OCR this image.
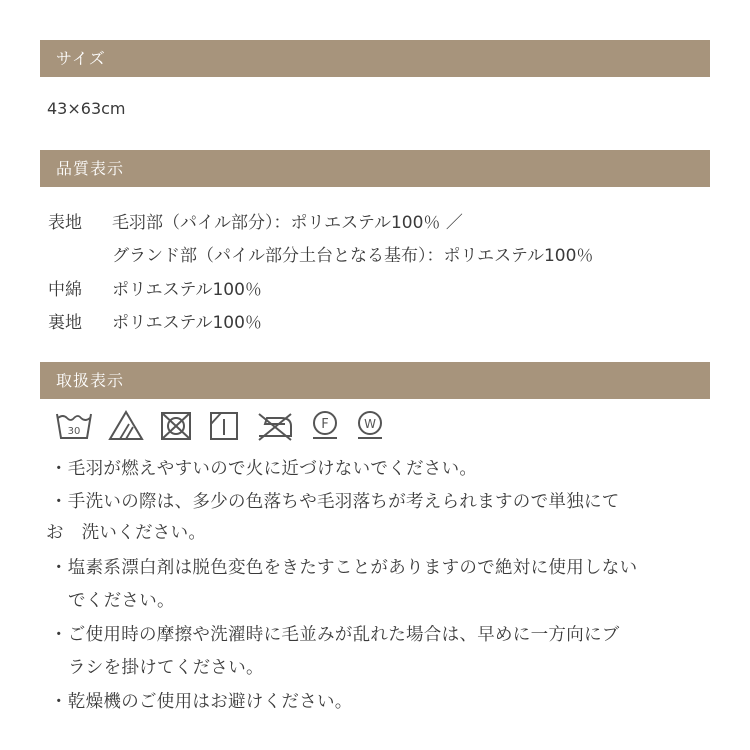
サイズ
43×63cm
品質表示
表地 毛羽部（パイル部分）：ポリエステル100％ ／
グランド部（パイル部分土台となる基布）：ポリエステル100％
中綿 ポリエステル100％
裏地 ポリエステル100％
取扱表示
30	F	W
・毛羽が燃えやすいので火に近づけないでください。
・手洗いの際は、多少の色落ちや毛羽落ちが考えられますので単独にて
お　洗いください。
・塩素系漂白剤は脱色変色をきたすことがありますので絶対に使用しない
でください。
・ご使用時の摩擦や洗濯時に毛並みが乱れた場合は、早めに一方向にブ
ラシを掛けてください。
・乾燥機のご使用はお避けください。
